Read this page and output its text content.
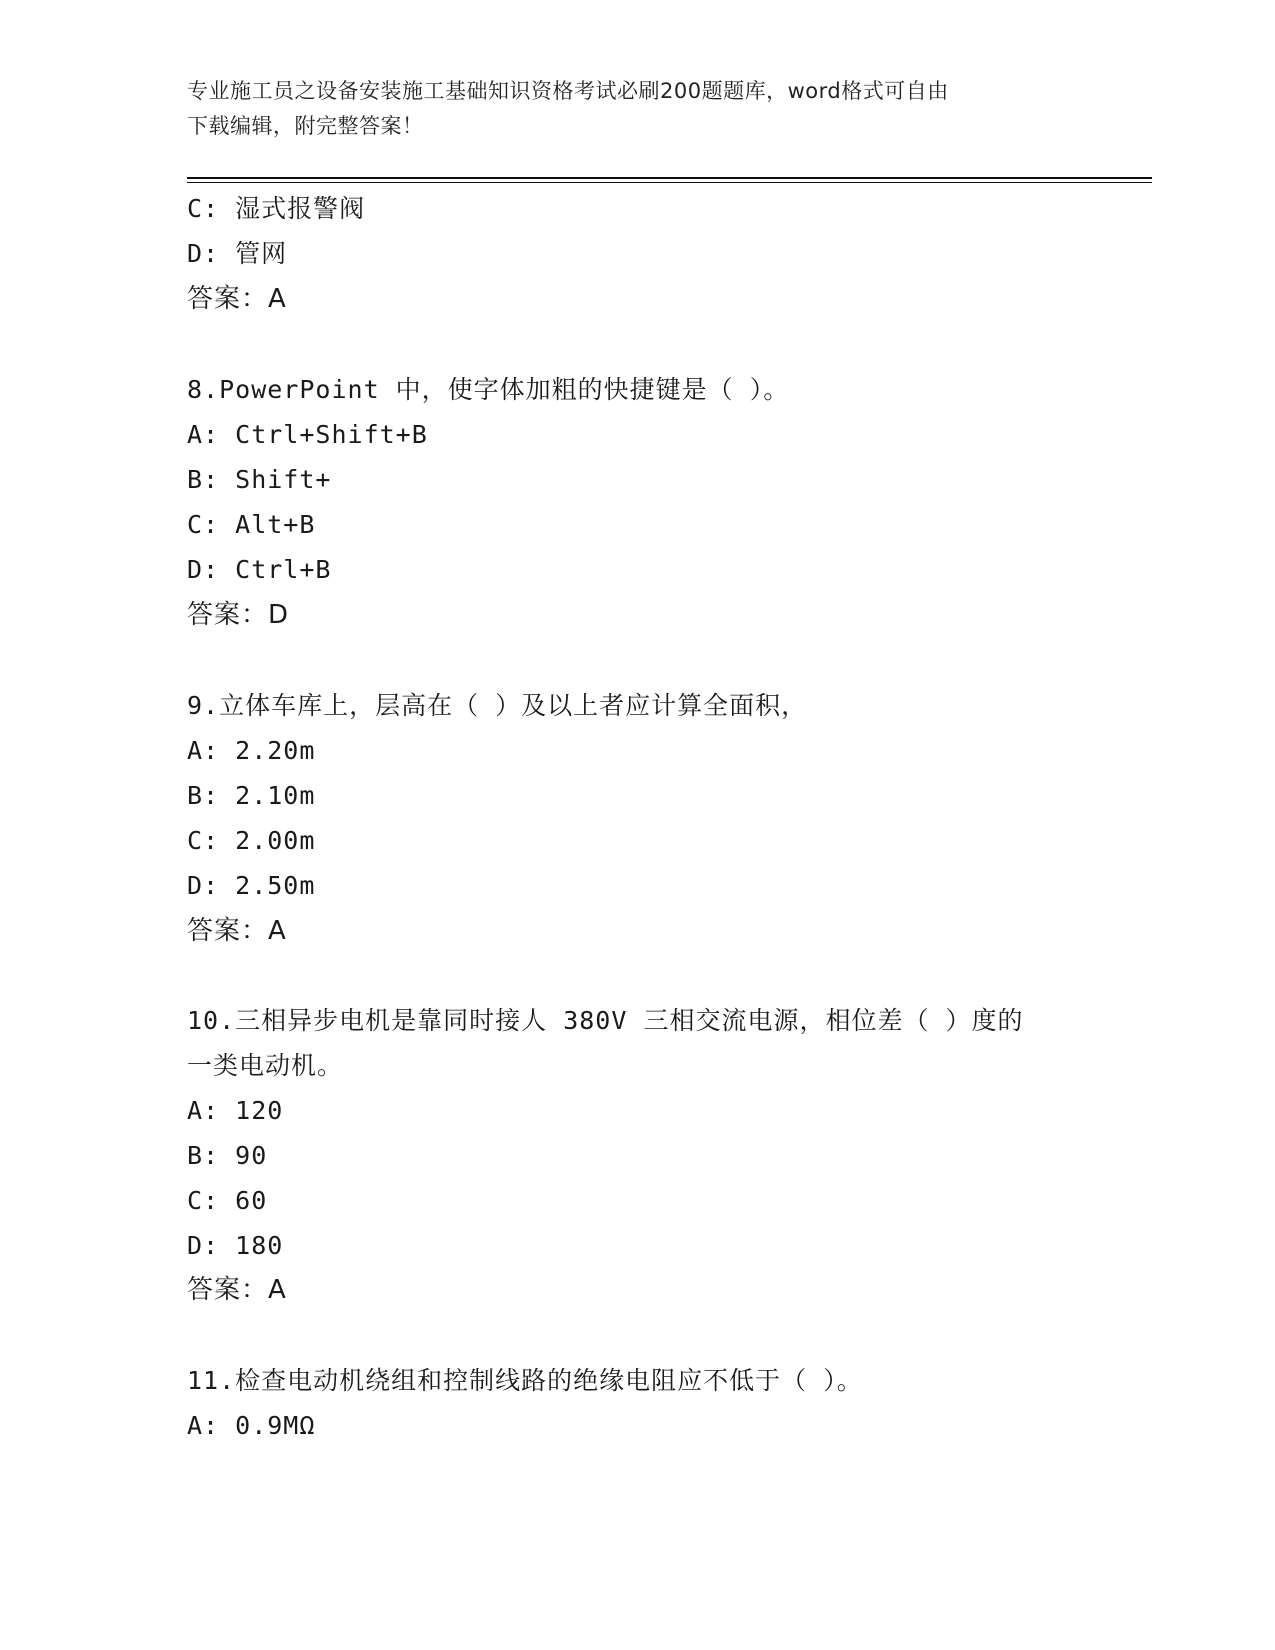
专业施工员之设备安装施工基础知识资格考试必刷200题题库，word格式可自由
下载编辑，附完整答案！
C: 湿式报警阀
D: 管网
答案：A
8.PowerPoint 中，使字体加粗的快捷键是（ ）。
A: Ctrl+Shift+B
B: Shift+
C: Alt+B
D: Ctrl+B
答案：D
9.立体车库上，层高在（ ）及以上者应计算全面积，
A: 2.20m
B: 2.10m
C: 2.00m
D: 2.50m
答案：A
10.三相异步电机是靠同时接人 380V 三相交流电源，相位差（ ）度的
一类电动机。
A: 120
B: 90
C: 60
D: 180
答案：A
11.检查电动机绕组和控制线路的绝缘电阻应不低于（ ）。
A: 0.9MΩ
